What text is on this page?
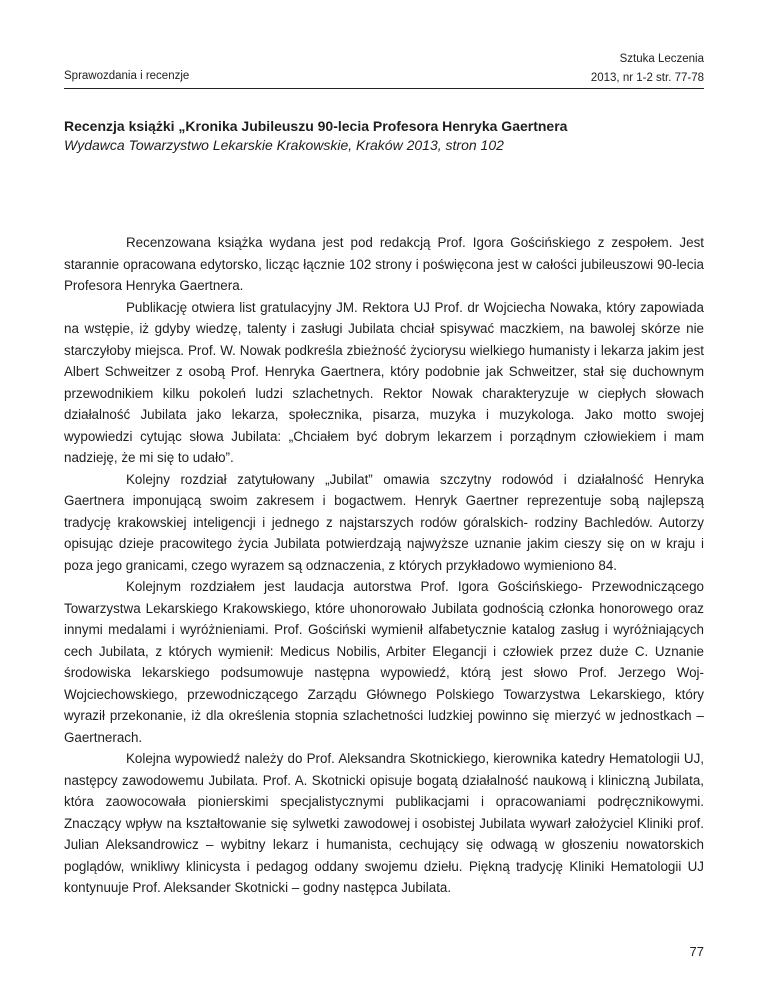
Sprawozdania i recenzje
Sztuka Leczenia
2013, nr 1-2 str. 77-78
Recenzja książki „Kronika Jubileuszu 90-lecia Profesora Henryka Gaertnera
Wydawca Towarzystwo Lekarskie Krakowskie, Kraków 2013, stron 102

Recenzowana książka wydana jest pod redakcją Prof. Igora Gościńskiego z zespołem. Jest starannie opracowana edytorsko, licząc łącznie 102 strony i poświęcona jest w całości jubileuszowi 90-lecia Profesora Henryka Gaertnera.

Publikację otwiera list gratulacyjny JM. Rektora UJ Prof. dr Wojciecha Nowaka, który zapowiada na wstępie, iż gdyby wiedzę, talenty i zasługi Jubilata chciał spisywać maczkiem, na bawolej skórze nie starczyłoby miejsca. Prof. W. Nowak podkreśla zbieżność życiorysu wielkiego humanisty i lekarza jakim jest Albert Schweitzer z osobą Prof. Henryka Gaertnera, który podobnie jak Schweitzer, stał się duchownym przewodnikiem kilku pokoleń ludzi szlachetnych. Rektor Nowak charakteryzuje w ciepłych słowach działalność Jubilata jako lekarza, społecznika, pisarza, muzyka i muzykologa. Jako motto swojej wypowiedzi cytując słowa Jubilata: „Chciałem być dobrym lekarzem i porządnym człowiekiem i mam nadzieję, że mi się to udało”.

Kolejny rozdział zatytułowany „Jubilat” omawia szczytny rodowód i działalność Henryka Gaertnera imponującą swoim zakresem i bogactwem. Henryk Gaertner reprezentuje sobą najlepszą tradycję krakowskiej inteligencji i jednego z najstarszych rodów góralskich- rodziny Bachledów. Autorzy opisując dzieje pracowitego życia Jubilata potwierdzają najwyższe uznanie jakim cieszy się on w kraju i poza jego granicami, czego wyrazem są odznaczenia, z których przykładowo wymieniono 84.

Kolejnym rozdziałem jest laudacja autorstwa Prof. Igora Gościńskiego- Przewodniczącego Towarzystwa Lekarskiego Krakowskiego, które uhonorowało Jubilata godnością członka honorowego oraz innymi medalami i wyróżnieniami. Prof. Gościński wymienił alfabetycznie katalog zasług i wyróżniających cech Jubilata, z których wymienił: Medicus Nobilis, Arbiter Elegancji i człowiek przez duże C. Uznanie środowiska lekarskiego podsumowuje następna wypowiedź, którą jest słowo Prof. Jerzego Woj-Wojciechowskiego, przewodniczącego Zarządu Głównego Polskiego Towarzystwa Lekarskiego, który wyraził przekonanie, iż dla określenia stopnia szlachetności ludzkiej powinno się mierzyć w jednostkach – Gaertnerach.

Kolejna wypowiedź należy do Prof. Aleksandra Skotnickiego, kierownika katedry Hematologii UJ, następcy zawodowemu Jubilata. Prof. A. Skotnicki opisuje bogatą działalność naukową i kliniczną Jubilata, która zaowocowała pionierskimi specjalistycznymi publikacjami i opracowaniami podręcznikowymi. Znaczący wpływ na kształtowanie się sylwetki zawodowej i osobistej Jubilata wywarł założyciel Kliniki prof. Julian Aleksandrowicz – wybitny lekarz i humanista, cechujący się odwagą w głoszeniu nowatorskich poglądów, wnikliwy klinicysta i pedagog oddany swojemu dziełu. Piękną tradycję Kliniki Hematologii UJ kontynuuje Prof. Aleksander Skotnicki – godny następca Jubilata.

77
